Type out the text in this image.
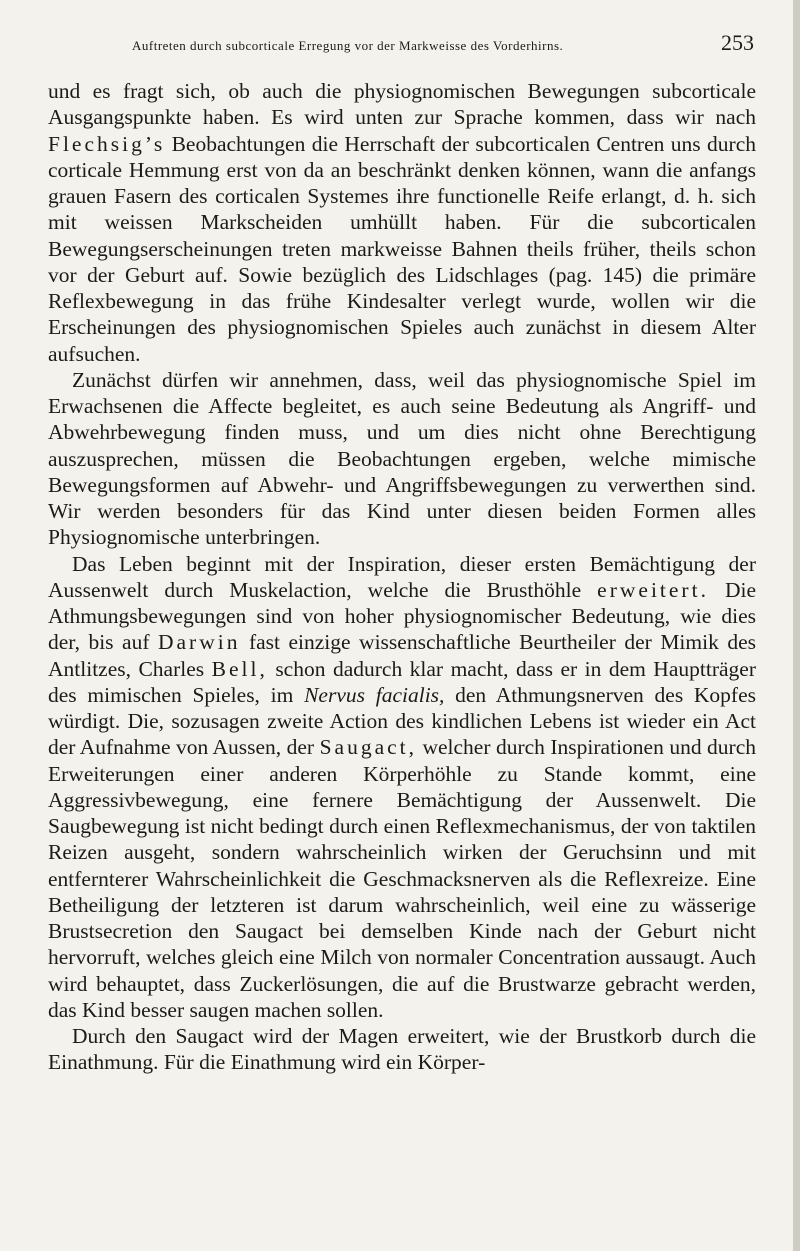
Auftreten durch subcorticale Erregung vor der Markweisse des Vorderhirns.	253

und es fragt sich, ob auch die physiognomischen Bewegungen subcorticale Ausgangspunkte haben. Es wird unten zur Sprache kommen, dass wir nach Flechsig’s Beobachtungen die Herrschaft der subcorticalen Centren uns durch corticale Hemmung erst von da an beschränkt denken können, wann die anfangs grauen Fasern des corticalen Systemes ihre functionelle Reife erlangt, d. h. sich mit weissen Markscheiden umhüllt haben. Für die subcorticalen Bewegungserscheinungen treten markweisse Bahnen theils früher, theils schon vor der Geburt auf. Sowie bezüglich des Lidschlages (pag. 145) die primäre Reflexbewegung in das frühe Kindesalter verlegt wurde, wollen wir die Erscheinungen des physiognomischen Spieles auch zunächst in diesem Alter aufsuchen.

Zunächst dürfen wir annehmen, dass, weil das physiognomische Spiel im Erwachsenen die Affecte begleitet, es auch seine Bedeutung als Angriff- und Abwehrbewegung finden muss, und um dies nicht ohne Berechtigung auszusprechen, müssen die Beobachtungen ergeben, welche mimische Bewegungsformen auf Abwehr- und Angriffsbewegungen zu verwerthen sind. Wir werden besonders für das Kind unter diesen beiden Formen alles Physiognomische unterbringen.

Das Leben beginnt mit der Inspiration, dieser ersten Bemächtigung der Aussenwelt durch Muskelaction, welche die Brusthöhle erweitert. Die Athmungsbewegungen sind von hoher physiognomischer Bedeutung, wie dies der, bis auf Darwin fast einzige wissenschaftliche Beurtheiler der Mimik des Antlitzes, Charles Bell, schon dadurch klar macht, dass er in dem Hauptträger des mimischen Spieles, im Nervus facialis, den Athmungsnerven des Kopfes würdigt. Die, sozusagen zweite Action des kindlichen Lebens ist wieder ein Act der Aufnahme von Aussen, der Saugact, welcher durch Inspirationen und durch Erweiterungen einer anderen Körperhöhle zu Stande kommt, eine Aggressivbewegung, eine fernere Bemächtigung der Aussenwelt. Die Saugbewegung ist nicht bedingt durch einen Reflexmechanismus, der von taktilen Reizen ausgeht, sondern wahrscheinlich wirken der Geruchsinn und mit entfernterer Wahrscheinlichkeit die Geschmacksnerven als die Reflexreize. Eine Betheiligung der letzteren ist darum wahrscheinlich, weil eine zu wässerige Brustsecretion den Saugact bei demselben Kinde nach der Geburt nicht hervorruft, welches gleich eine Milch von normaler Concentration aussaugt. Auch wird behauptet, dass Zuckerlösungen, die auf die Brustwarze gebracht werden, das Kind besser saugen machen sollen.

Durch den Saugact wird der Magen erweitert, wie der Brustkorb durch die Einathmung. Für die Einathmung wird ein Körper-
